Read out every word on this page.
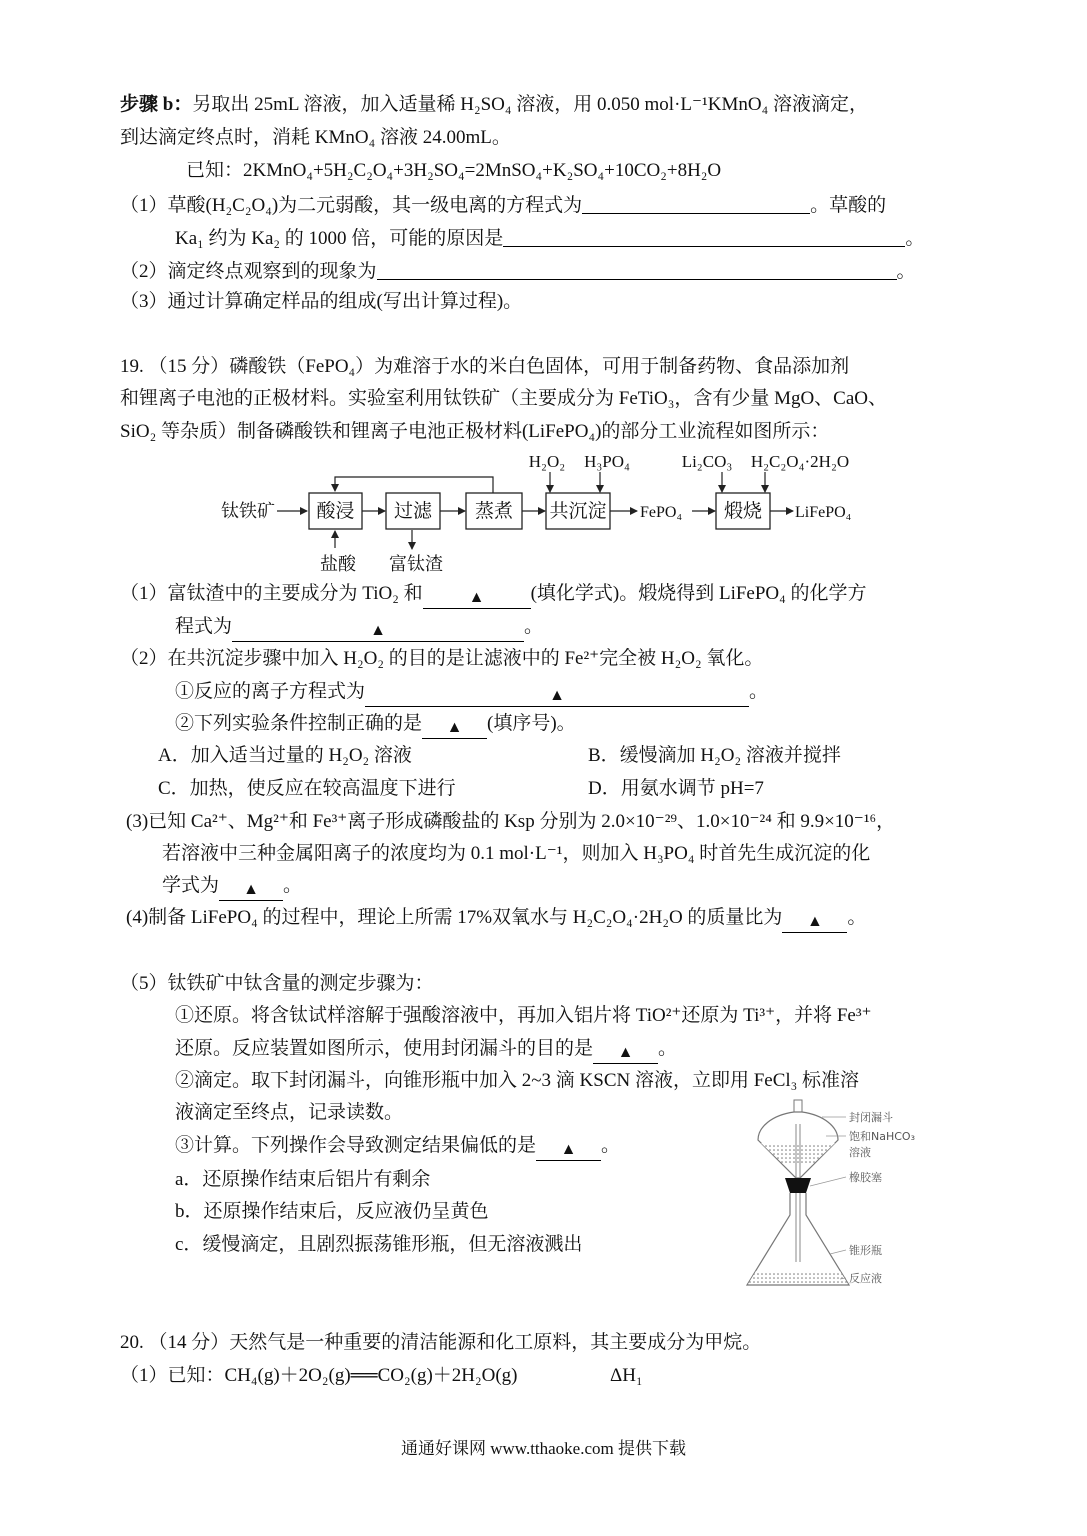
步骤 b：另取出 25mL 溶液，加入适量稀 H₂SO₄ 溶液，用 0.050 mol·L⁻¹KMnO₄ 溶液滴定，
到达滴定终点时，消耗 KMnO₄ 溶液 24.00mL。
已知：2KMnO₄+5H₂C₂O₄+3H₂SO₄=2MnSO₄+K₂SO₄+10CO₂+8H₂O
（1）草酸(H₂C₂O₄)为二元弱酸，其一级电离的方程式为	。草酸的
Ka₁ 约为 Ka₂ 的 1000 倍，可能的原因是	。
（2）滴定终点观察到的现象为	。
（3）通过计算确定样品的组成(写出计算过程)。
19. （15 分）磷酸铁（FePO₄）为难溶于水的米白色固体，可用于制备药物、食品添加剂
和锂离子电池的正极材料。实验室利用钛铁矿（主要成分为 FeTiO₃，含有少量 MgO、CaO、
SiO₂ 等杂质）制备磷酸铁和锂离子电池正极材料(LiFePO₄)的部分工业流程如图所示：
H₂O₂ H₃PO₄	Li₂CO₃ H₂C₂O₄·2H₂O
钛铁矿 酸浸 过滤 蒸煮 共沉淀 FePO₄ 煅烧 LiFePO₄
盐酸 富钛渣
（1）富钛渣中的主要成分为 TiO₂ 和	▲ (填化学式)。煅烧得到 LiFePO₄ 的化学方
程式为	▲	。
（2）在共沉淀步骤中加入 H₂O₂ 的目的是让滤液中的 Fe²⁺完全被 H₂O₂ 氧化。
①反应的离子方程式为	▲	。
②下列实验条件控制正确的是 ▲ (填序号)。
A．加入适当过量的 H₂O₂ 溶液	B．缓慢滴加 H₂O₂ 溶液并搅拌
C．加热，使反应在较高温度下进行	D．用氨水调节 pH=7
(3)已知 Ca²⁺、Mg²⁺和 Fe³⁺离子形成磷酸盐的 Ksp 分别为 2.0×10⁻²⁹、1.0×10⁻²⁴ 和 9.9×10⁻¹⁶，
若溶液中三种金属阳离子的浓度均为 0.1 mol·L⁻¹，则加入 H₃PO₄ 时首先生成沉淀的化
学式为 ▲ 。
(4)制备 LiFePO₄ 的过程中，理论上所需 17%双氧水与 H₂C₂O₄·2H₂O 的质量比为 ▲ 。
（5）钛铁矿中钛含量的测定步骤为：
①还原。将含钛试样溶解于强酸溶液中，再加入铝片将 TiO²⁺还原为 Ti³⁺，并将 Fe³⁺
还原。反应装置如图所示，使用封闭漏斗的目的是 ▲ 。
②滴定。取下封闭漏斗，向锥形瓶中加入 2~3 滴 KSCN 溶液，立即用 FeCl₃ 标准溶
液滴定至终点，记录读数。
③计算。下列操作会导致测定结果偏低的是 ▲ 。
a．还原操作结束后铝片有剩余
b．还原操作结束后，反应液仍呈黄色
c．缓慢滴定，且剧烈振荡锥形瓶，但无溶液溅出
封闭漏斗
饱和NaHCO₃
溶液
橡胶塞
锥形瓶
反应液
20. （14 分）天然气是一种重要的清洁能源和化工原料，其主要成分为甲烷。
（1）已知：CH₄(g)＋2O₂(g)══CO₂(g)＋2H₂O(g)	ΔH₁
通通好课网 www.tthaoke.com 提供下载
